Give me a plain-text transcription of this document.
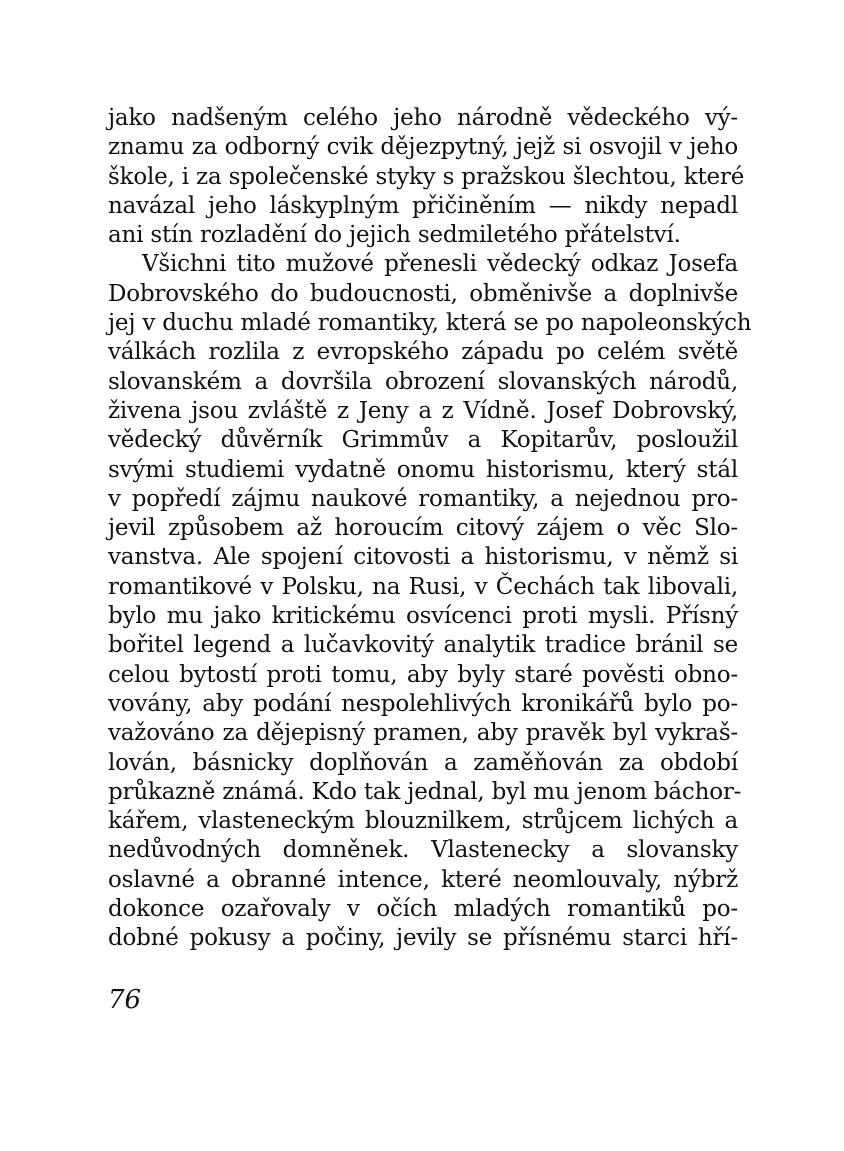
jako nadšeným celého jeho národně vědeckého vý-
znamu za odborný cvik dějezpytný, jejž si osvojil v jeho
škole, i za společenské styky s pražskou šlechtou, které
navázal jeho láskyplným přičiněním — nikdy nepadl
ani stín rozladění do jejich sedmiletého přátelství.
Všichni tito mužové přenesli vědecký odkaz Josefa
Dobrovského do budoucnosti, obměnivše a doplnivše
jej v duchu mladé romantiky, která se po napoleonských
válkách rozlila z evropského západu po celém světě
slovanském a dovršila obrození slovanských národů,
živena jsou zvláště z Jeny a z Vídně. Josef Dobrovský,
vědecký důvěrník Grimmův a Kopitarův, posloužil
svými studiemi vydatně onomu historismu, který stál
v popředí zájmu naukové romantiky, a nejednou pro-
jevil způsobem až horoucím citový zájem o věc Slo-
vanstva. Ale spojení citovosti a historismu, v němž si
romantikové v Polsku, na Rusi, v Čechách tak libovali,
bylo mu jako kritickému osvícenci proti mysli. Přísný
bořitel legend a lučavkovitý analytik tradice bránil se
celou bytostí proti tomu, aby byly staré pověsti obno-
vovány, aby podání nespolehlivých kronikářů bylo po-
važováno za dějepisný pramen, aby pravěk byl vykraš-
lován, básnicky doplňován a zaměňován za období
průkazně známá. Kdo tak jednal, byl mu jenom báchor-
kářem, vlasteneckým blouznilkem, strůjcem lichých a
nedůvodných domněnek. Vlastenecky a slovansky
oslavné a obranné intence, které neomlouvaly, nýbrž
dokonce ozařovaly v očích mladých romantiků po-
dobné pokusy a počiny, jevily se přísnému starci hří-
76
